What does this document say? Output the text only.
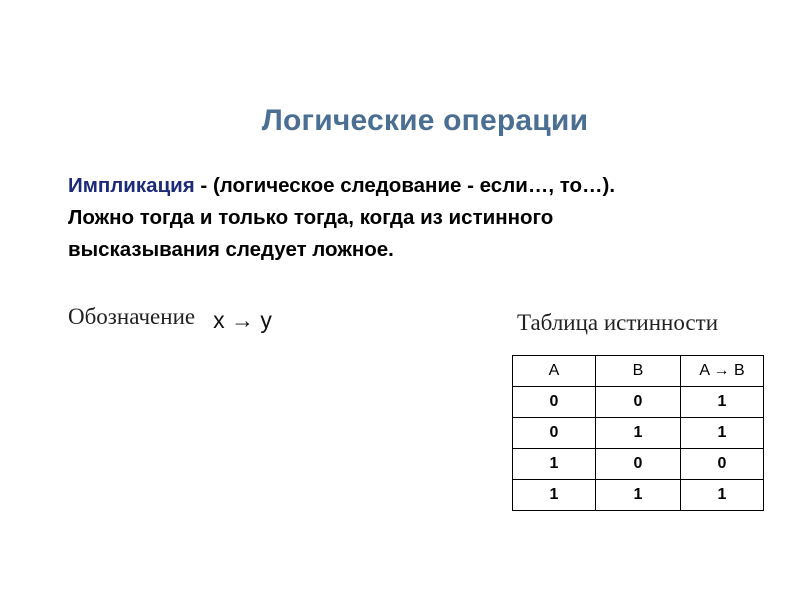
Логические операции

Импликация - (логическое следование - если…, то…).
Ложно тогда и только тогда, когда из истинного
высказывания следует ложное.

Обозначение x → y	Таблица истинности
A	B	A → B
0	0	1
0	1	1
1	0	0
1	1	1
